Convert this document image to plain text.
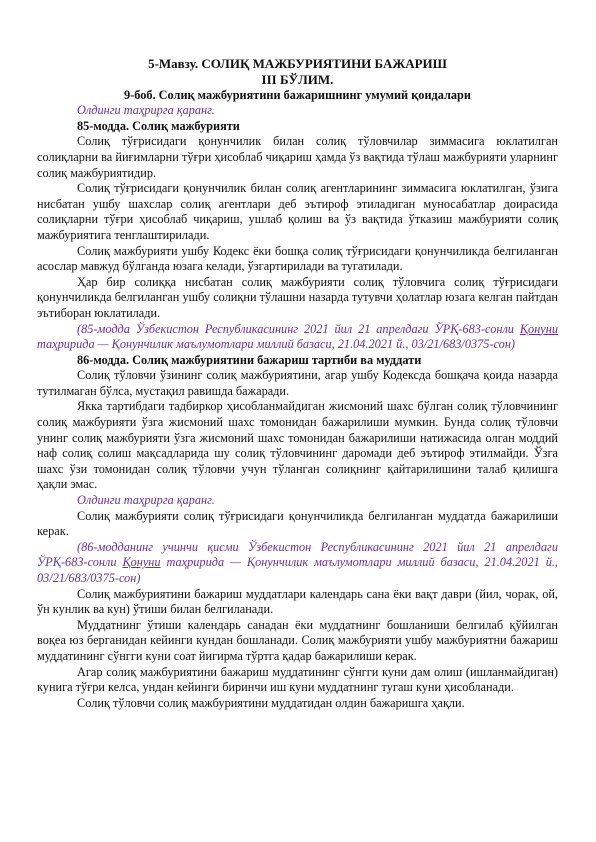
5-Мавзу. СОЛИҚ МАЖБУРИЯТИНИ БАЖАРИШ

III БЎЛИМ.

9-боб. Солиқ мажбуриятини бажаришнинг умумий қоидалари

Олдинги таҳрирга қаранг.

85-модда. Солиқ мажбурияти

Солиқ тўғрисидаги қонунчилик билан солиқ тўловчилар зиммасига юклатилган солиқларни ва йиғимларни тўғри ҳисоблаб чиқариш ҳамда ўз вақтида тўлаш мажбурияти уларнинг солиқ мажбуриятидир.

Солиқ тўғрисидаги қонунчилик билан солиқ агентларининг зиммасига юклатилган, ўзига нисбатан ушбу шахслар солиқ агентлари деб эътироф этиладиган муносабатлар доирасида солиқларни тўғри ҳисоблаб чиқариш, ушлаб қолиш ва ўз вақтида ўтказиш мажбурияти солиқ мажбуриятига тенглаштирилади.

Солиқ мажбурияти ушбу Кодекс ёки бошқа солиқ тўғрисидаги қонунчиликда белгиланган асослар мавжуд бўлганда юзага келади, ўзгартирилади ва тугатилади.

Ҳар бир солиққа нисбатан солиқ мажбурияти солиқ тўловчига солиқ тўғрисидаги қонунчиликда белгиланган ушбу солиқни тўлашни назарда тутувчи ҳолатлар юзага келган пайтдан эътиборан юклатилади.

(85-модда Ўзбекистон Республикасининг 2021 йил 21 апрелдаги ЎРҚ-683-сонли Қонуни таҳририда — Қонунчилик маълумотлари миллий базаси, 21.04.2021 й., 03/21/683/0375-сон)

86-модда. Солиқ мажбуриятини бажариш тартиби ва муддати

Солиқ тўловчи ўзининг солиқ мажбуриятини, агар ушбу Кодексда бошқача қоида назарда тутилмаган бўлса, мустақил равишда бажаради.

Якка тартибдаги тадбиркор ҳисобланмайдиган жисмоний шахс бўлган солиқ тўловчининг солиқ мажбурияти ўзга жисмоний шахс томонидан бажарилиши мумкин. Бунда солиқ тўловчи унинг солиқ мажбурияти ўзга жисмоний шахс томонидан бажарилиши натижасида олган моддий наф солиқ солиш мақсадларида шу солиқ тўловчининг даромади деб эътироф этилмайди. Ўзга шахс ўзи томонидан солиқ тўловчи учун тўланган солиқнинг қайтарилишини талаб қилишга ҳақли эмас.

Олдинги таҳрирга қаранг.

Солиқ мажбурияти солиқ тўғрисидаги қонунчиликда белгиланган муддатда бажарилиши керак.

(86-модданинг учинчи қисми Ўзбекистон Республикасининг 2021 йил 21 апрелдаги ЎРҚ-683-сонли Қонуни таҳририда — Қонунчилик маълумотлари миллий базаси, 21.04.2021 й., 03/21/683/0375-сон)

Солиқ мажбуриятини бажариш муддатлари календарь сана ёки вақт даври (йил, чорак, ой, ўн кунлик ва кун) ўтиши билан белгиланади.

Муддатнинг ўтиши календарь санадан ёки муддатнинг бошланиши белгилаб қўйилган воқеа юз берганидан кейинги кундан бошланади. Солиқ мажбурияти ушбу мажбуриятни бажариш муддатининг сўнгги куни соат йигирма тўртга қадар бажарилиши керак.

Агар солиқ мажбуриятини бажариш муддатининг сўнгги куни дам олиш (ишланмайдиган) кунига тўғри келса, ундан кейинги биринчи иш куни муддатнинг тугаш куни ҳисобланади.

Солиқ тўловчи солиқ мажбуриятини муддатидан олдин бажаришга ҳақли.
